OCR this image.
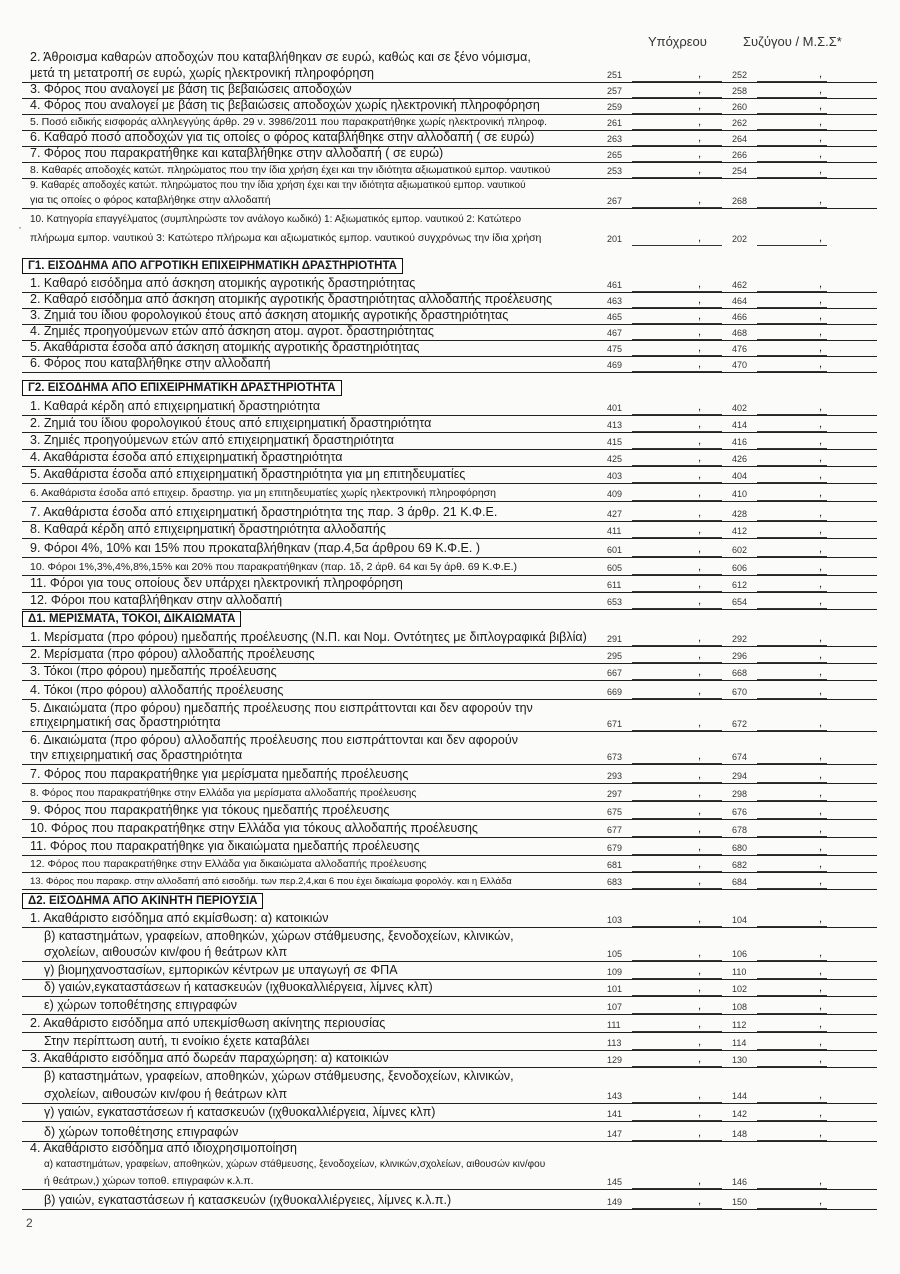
Υπόχρεου	Συζύγου / Μ.Σ.Σ*
·
2. Άθροισμα καθαρών αποδοχών που καταβλήθηκαν σε ευρώ, καθώς και σε ξένο νόμισμα,
μετά τη μετατροπή σε ευρώ, χωρίς ηλεκτρονική πληροφόρηση	251	,	252	,
3. Φόρος που αναλογεί με βάση τις βεβαιώσεις αποδοχών	257	,	258	,
4. Φόρος που αναλογεί με βάση τις βεβαιώσεις αποδοχών χωρίς ηλεκτρονική πληροφόρηση	259	,	260	,
5. Ποσό ειδικής εισφοράς αλληλεγγύης άρθρ. 29 ν. 3986/2011 που παρακρατήθηκε χωρίς ηλεκτρονική πληροφ.	261	,	262	,
6. Καθαρό ποσό αποδοχών για τις οποίες ο φόρος καταβλήθηκε στην αλλοδαπή ( σε ευρώ)	263	,	264	,
7. Φόρος που παρακρατήθηκε και καταβλήθηκε στην αλλοδαπή ( σε ευρώ)	265	,	266	,
8. Καθαρές αποδοχές κατώτ. πληρώματος που την ίδια χρήση έχει και την ιδιότητα αξιωματικού εμπορ. ναυτικού	253	,	254	,
9. Καθαρές αποδοχές κατώτ. πληρώματος που την ίδια χρήση έχει και την ιδιότητα αξιωματικού εμπορ. ναυτικού
για τις οποίες ο φόρος καταβλήθηκε στην αλλοδαπή	267	,	268	,
10. Κατηγορία επαγγέλματος (συμπληρώστε τον ανάλογο κωδικό) 1: Αξιωματικός εμπορ. ναυτικού 2: Κατώτερο
πλήρωμα εμπορ. ναυτικού 3: Κατώτερο πλήρωμα και αξιωματικός εμπορ. ναυτικού συγχρόνως την ίδια χρήση	201	,	202	,
Γ1. ΕΙΣΟΔΗΜΑ ΑΠΟ ΑΓΡΟΤΙΚΗ ΕΠΙΧΕΙΡΗΜΑΤΙΚΗ ΔΡΑΣΤΗΡΙΟΤΗΤΑ
1. Καθαρό εισόδημα από άσκηση ατομικής αγροτικής δραστηριότητας	461	,	462	,
2. Καθαρό εισόδημα από άσκηση ατομικής αγροτικής δραστηριότητας αλλοδαπής προέλευσης	463	,	464	,
3. Ζημιά του ίδιου φορολογικού έτους από άσκηση ατομικής αγροτικής δραστηριότητας	465	,	466	,
4. Ζημιές προηγούμενων ετών από άσκηση ατομ. αγροτ. δραστηριότητας	467	,	468	,
5. Ακαθάριστα έσοδα από άσκηση ατομικής αγροτικής δραστηριότητας	475	,	476	,
6. Φόρος που καταβλήθηκε στην αλλοδαπή	469	,	470	,
Γ2. ΕΙΣΟΔΗΜΑ ΑΠΟ ΕΠΙΧΕΙΡΗΜΑΤΙΚΗ ΔΡΑΣΤΗΡΙΟΤΗΤΑ
1. Καθαρά κέρδη από επιχειρηματική δραστηριότητα	401	,	402	,
2. Ζημιά του ίδιου φορολογικού έτους από επιχειρηματική δραστηριότητα	413	,	414	,
3. Ζημιές προηγούμενων ετών από επιχειρηματική δραστηριότητα	415	,	416	,
4. Ακαθάριστα έσοδα από επιχειρηματική δραστηριότητα	425	,	426	,
5. Ακαθάριστα έσοδα από επιχειρηματική δραστηριότητα για μη επιτηδευματίες	403	,	404	,
6. Ακαθάριστα έσοδα από επιχειρ. δραστηρ. για μη επιτηδευματίες χωρίς ηλεκτρονική πληροφόρηση	409	,	410	,
7. Ακαθάριστα έσοδα από επιχειρηματική δραστηριότητα της παρ. 3 άρθρ. 21 Κ.Φ.Ε.	427	,	428	,
8. Καθαρά κέρδη από επιχειρηματική δραστηριότητα αλλοδαπής	411	,	412	,
9. Φόροι 4%, 10% και 15% που προκαταβλήθηκαν (παρ.4,5α άρθρου 69 Κ.Φ.Ε. )	601	,	602	,
10. Φόροι 1%,3%,4%,8%,15% και 20% που παρακρατήθηκαν (παρ. 1δ, 2 άρθ. 64 και 5γ άρθ. 69 Κ.Φ.Ε.)	605	,	606	,
11. Φόροι για τους οποίους δεν υπάρχει ηλεκτρονική πληροφόρηση	611	,	612	,
12. Φόροι που καταβλήθηκαν στην αλλοδαπή	653	,	654	,
Δ1. ΜΕΡΙΣΜΑΤΑ, ΤΟΚΟΙ, ΔΙΚΑΙΩΜΑΤΑ
1. Μερίσματα (προ φόρου) ημεδαπής προέλευσης (Ν.Π. και Νομ. Οντότητες με διπλογραφικά βιβλία) 291	,	292	,
2. Μερίσματα (προ φόρου) αλλοδαπής προέλευσης	295	,	296	,
3. Τόκοι (προ φόρου) ημεδαπής προέλευσης	667	,	668	,
4. Τόκοι (προ φόρου) αλλοδαπής προέλευσης	669	,	670	,
5. Δικαιώματα (προ φόρου) ημεδαπής προέλευσης που εισπράττονται και δεν αφορούν την
επιχειρηματική σας δραστηριότητα	671	,	672	,
6. Δικαιώματα (προ φόρου) αλλοδαπής προέλευσης που εισπράττονται και δεν αφορούν
την επιχειρηματική σας δραστηριότητα	673	,	674	,
7. Φόρος που παρακρατήθηκε για μερίσματα ημεδαπής προέλευσης	293	,	294	,
8. Φόρος που παρακρατήθηκε στην Ελλάδα για μερίσματα αλλοδαπής προέλευσης	297	,	298	,
9. Φόρος που παρακρατήθηκε για τόκους ημεδαπής προέλευσης	675	,	676	,
10. Φόρος που παρακρατήθηκε στην Ελλάδα για τόκους αλλοδαπής προέλευσης	677	,	678	,
11. Φόρος που παρακρατήθηκε για δικαιώματα ημεδαπής προέλευσης	679	,	680	,
12. Φόρος που παρακρατήθηκε στην Ελλάδα για δικαιώματα αλλοδαπής προέλευσης	681	,	682	,
13. Φόρος που παρακρ. στην αλλοδαπή από εισοδήμ. των περ.2,4,και 6 που έχει δικαίωμα φορολόγ. και η Ελλάδα	683	,	684	,
Δ2. ΕΙΣΟΔΗΜΑ ΑΠΟ ΑΚΙΝΗΤΗ ΠΕΡΙΟΥΣΙΑ
1. Ακαθάριστο εισόδημα από εκμίσθωση: α) κατοικιών	103	,	104	,
β) καταστημάτων, γραφείων, αποθηκών, χώρων στάθμευσης, ξενοδοχείων, κλινικών,
σχολείων, αιθουσών κιν/φου ή θεάτρων κλπ	105	,	106	,
γ) βιομηχανοστασίων, εμπορικών κέντρων με υπαγωγή σε ΦΠΑ	109	,	110	,
δ) γαιών,εγκαταστάσεων ή κατασκευών (ιχθυοκαλλιέργεια, λίμνες κλπ)	101	,	102	,
ε) χώρων τοποθέτησης επιγραφών	107	,	108	,
2. Ακαθάριστο εισόδημα από υπεκμίσθωση ακίνητης περιουσίας	111	,	112	,
Στην περίπτωση αυτή, τι ενοίκιο έχετε καταβάλει	113	,	114	,
3. Ακαθάριστο εισόδημα από δωρεάν παραχώρηση: α) κατοικιών	129	,	130	,
β) καταστημάτων, γραφείων, αποθηκών, χώρων στάθμευσης, ξενοδοχείων, κλινικών,
σχολείων, αιθουσών κιν/φου ή θεάτρων κλπ	143	,	144	,
γ) γαιών, εγκαταστάσεων ή κατασκευών (ιχθυοκαλλιέργεια, λίμνες κλπ)	141	,	142	,
δ) χώρων τοποθέτησης επιγραφών	147	,	148	,
4. Ακαθάριστο εισόδημα από ιδιοχρησιμοποίηση
α) καταστημάτων, γραφείων, αποθηκών, χώρων στάθμευσης, ξενοδοχείων, κλινικών,σχολείων, αιθουσών κιν/φου
ή θεάτρων,) χώρων τοποθ. επιγραφών κ.λ.π.	145	,	146	,
β) γαιών, εγκαταστάσεων ή κατασκευών (ιχθυοκαλλιέργειες, λίμνες κ.λ.π.)	149	,	150	,
2
